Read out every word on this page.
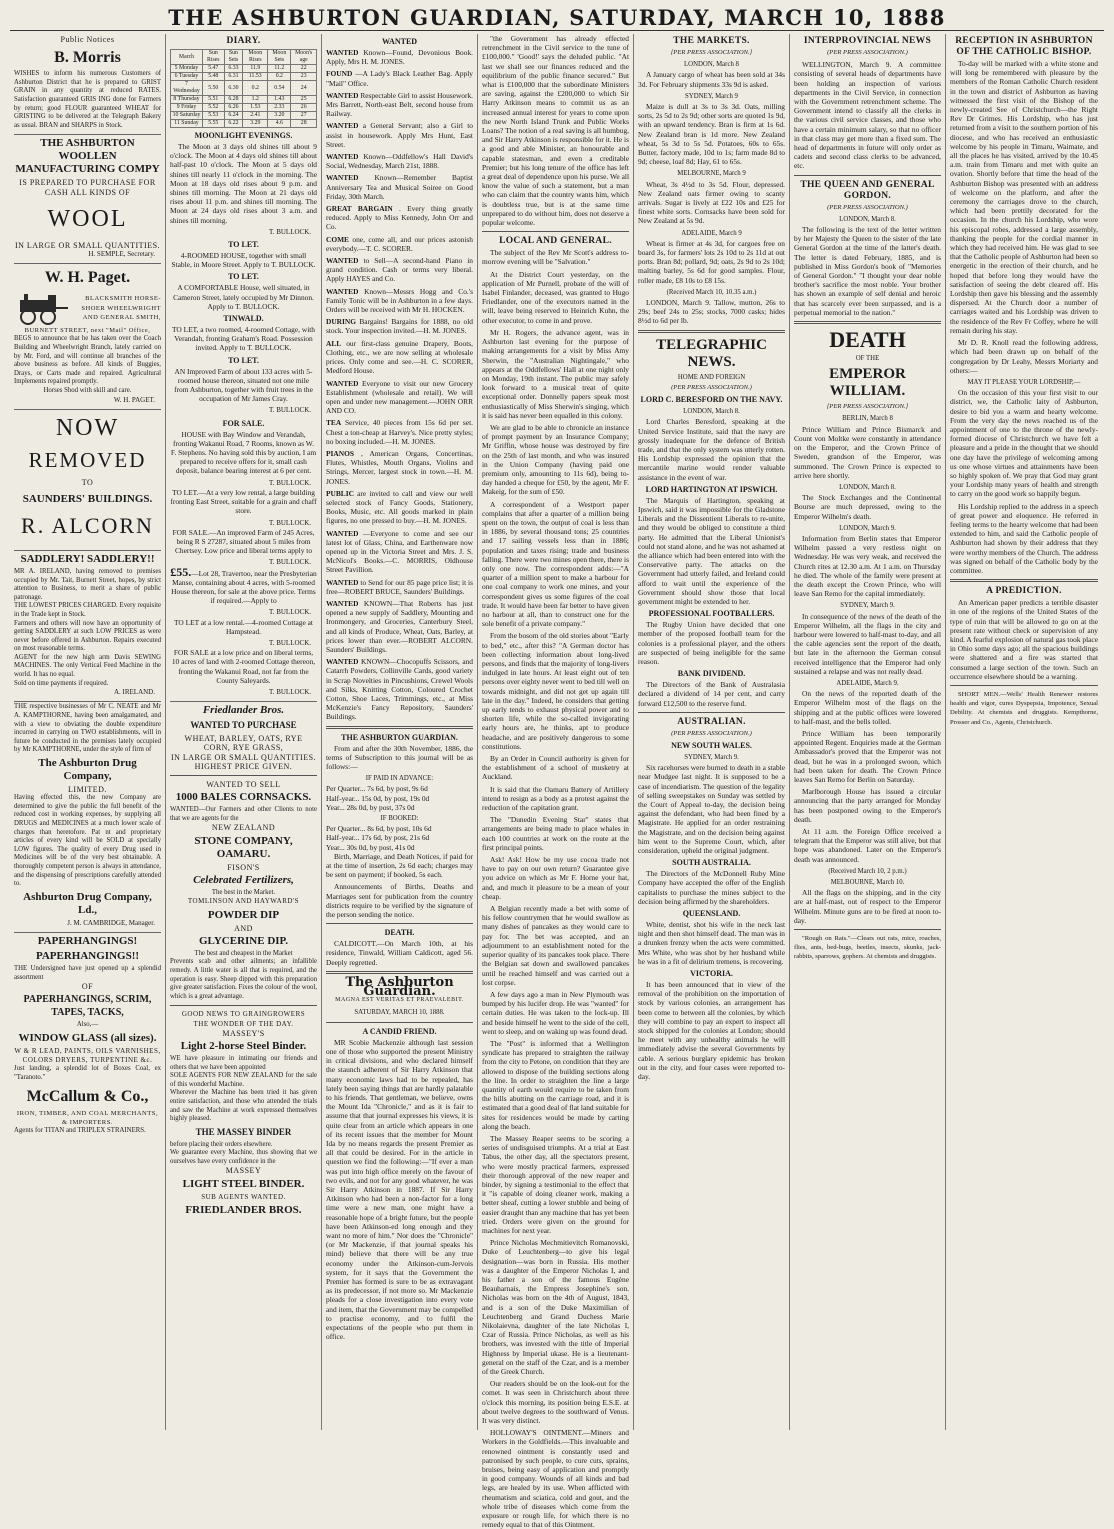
THE ASHBURTON GUARDIAN, SATURDAY, MARCH 10, 1888
Public Notices
B. Morris
WISHES to inform his numerous Customers of Ashburton District that he is prepared to GRIST GRAIN in any quantity at reduced RATES. Satisfaction guaranteed GRIS ING done for Farmers by return; good FLOUR guaranteed WHEAT for GRISTING to be delivered at the Telegraph Bakery as usual. BRAN and SHARPS in Stock.
THE ASHBURTON WOOLLEN MANUFACTURING COMPY
IS PREPARED TO PURCHASE FOR CASH ALL KINDS OF
WOOL
IN LARGE OR SMALL QUANTITIES.
H. SEMPLE, Secretary.
W. H. Paget.
BLACKSMITH HORSE-SHOER WHEELWRIGHT AND GENERAL SMITH,
BURNETT STREET, next "Mail" Office,
BEGS to announce that he has taken over the Coach Building and Wheelwright Branch, lately carried on by Mr. Ford, and will continue all branches of the above business as before. All kinds of Buggies, Drays, or Carts made and repaired. Agricultural Implements repaired promptly.
Horses Shod with skill and care.
W. H. PAGET.
NOW
REMOVED
TO
SAUNDERS' BUILDINGS.
R. ALCORN
SADDLERY! SADDLERY!!
MR A. IRELAND, having removed to premises occupied by Mr. Tait, Burnett Street, hopes, by strict attention to Business, to merit a share of public patronage.
THE LOWEST PRICES CHARGED. Every requisite in the Trade kept in Stock.
Farmers and others will now have an opportunity of getting SADDLERY at such LOW PRICES as were never before offered in Ashburton. Repairs executed on most reasonable terms.
AGENT for the new high arm Davis SEWING MACHINES. The only Vertical Feed Machine in the world. It has no equal.
Sold on time payments if required.
A. IRELAND.
THE respective businesses of Mr C. NEATE and Mr A. KAMPTHORNE, having been amalgamated, and with a view to obviating the double expenditure incurred in carrying on TWO establishments, will in future be conducted in the premises lately occupied by Mr KAMPTHORNE, under the style of firm of
The Ashburton Drug Company,
LIMITED.
Having effected this, the new Company are determined to give the public the full benefit of the reduced cost in working expenses, by supplying all DRUGS and MEDICINES at a much lower scale of charges than heretofore. Pat nt and proprietary articles of every kind will be SOLD at specially LOW figures. The quality of every Drug used in Medicines will be of the very best obtainable. A thoroughly competent person is always in attendance, and the dispensing of prescriptions carefully attended to.
Ashburton Drug Company, Ld.,
J. M. CAMBRIDGE, Manager.
PAPERHANGINGS!
PAPERHANGINGS!!
THE Undersigned have just opened up a splendid assortment
OF
PAPERHANGINGS, SCRIM, TAPES, TACKS,
Also,—
WINDOW GLASS (all sizes).
W & R LEAD, PAINTS, OILS VARNISHES, COLORS DRYERS, TURPENTINE &c.
Just landing, a splendid lot of Boxes Coal, ex "Taranoto."
McCallum & Co.,
IRON, TIMBER, AND COAL MERCHANTS, & IMPORTERS.
Agents for TITAN and TRIPLEX STRAINERS.
DIARY.
March	Sun Rises	Sun Sets	Moon Rises	Moon Sets	Moon's age
5 Monday	5.47	6.33	11.9	11.2	22
6 Tuesday	5.48	6.31	11.53	0.2	23
7 Wednesday	5.50	6.30	0.2	0.54	24
8 Thursday	5.51	6.28	1.2	1.43	25
9 Friday	5.52	6.26	1.53	2.33	26
10 Saturday	5.53	6.24	2.41	3.20	27
11 Sunday	5.55	6.22	3.29	4.6	28
MOONLIGHT EVENINGS.

The Moon at 3 days old shines till about 9 o'clock. The Moon at 4 days old shines till about half-past 10 o'clock. The Moon at 5 days old shines till nearly 11 o'clock in the morning. The Moon at 18 days old rises about 9 p.m. and shines till morning. The Moon at 21 days old rises about 11 p.m. and shines till morning. The Moon at 24 days old rises about 3 a.m. and shines till morning.

T. BULLOCK.
TO LET.

4-ROOMED HOUSE, together with small Stable, in Moore Street. Apply to T. BULLOCK.

TO LET.

A COMFORTABLE House, well situated, in Cameron Street, lately occupied by Mr Dinnon. Apply to T. BULLOCK.

TINWALD.

TO LET, a two roomed, 4-roomed Cottage, with Verandah, fronting Graham's Road. Possession invited. Apply to T. BULLOCK.

TO LET.

AN Improved Farm of about 133 acres with 5-roomed house thereon, situated not one mile from Ashburton, together with fruit trees in the occupation of Mr James Cray.

T. BULLOCK.
FOR SALE.

HOUSE with Bay Window and Verandah, fronting Wakanui Road, 7 Rooms, known as W. F. Stephens. No having sold this by auction, I am prepared to receive offers for it, small cash deposit, balance bearing interest at 6 per cent.

T. BULLOCK.

TO LET.—At a very low rental, a large building fronting East Street, suitable for a grain and chaff store.

T. BULLOCK.

FOR SALE.—An improved Farm of 245 Acres, being R S 27287, situated about 5 miles from Chertsey. Low price and liberal terms apply to

T. BULLOCK.

£55.—Lot 28, Travertoo, near the Presbyterian Manse, containing about 4 acres, with 5-roomed House thereon, for sale at the above price. Terms if required.—Apply to

T. BULLOCK.

TO LET at a low rental.—4-roomed Cottage at Hampstead.

T. BULLOCK.

FOR SALE at a low price and on liberal terms, 10 acres of land with 2-roomed Cottage thereon, fronting the Wakanui Road, not far from the County Saleyards.

T. BULLOCK.
Friedlander Bros.
WANTED TO PURCHASE
WHEAT, BARLEY, OATS, RYE CORN, RYE GRASS,
IN LARGE OR SMALL QUANTITIES.
HIGHEST PRICE GIVEN.
WANTED TO SELL
1000 BALES CORNSACKS.
WANTED—Our Farmers and other Clients to note that we are agents for the
NEW ZEALAND
STONE COMPANY, OAMARU.
FISON'S
Celebrated Fertilizers,
The best in the Market.
TOMLINSON AND HAYWARD'S
POWDER DIP
AND
GLYCERINE DIP.
The best and cheapest in the Market
Prevents scab and other ailments; an infallible remedy. A little water is all that is required, and the operation is easy. Sheep dipped with this preparation give greater satisfaction. Fixes the colour of the wool, which is a great advantage.
GOOD NEWS TO GRAINGROWERS
THE WONDER OF THE DAY.
MASSEY'S
Light 2-horse Steel Binder.
WE have pleasure in intimating our friends and others that we have been appointed
SOLE AGENTS FOR NEW ZEALAND for the sale of this wonderful Machine.
Wherever the Machine has been tried it has given entire satisfaction, and those who attended the trials and saw the Machine at work expressed themselves highly pleased.
THE MASSEY BINDER
before placing their orders elsewhere.
We guarantee every Machine, thus showing that we ourselves have every confidence in the
MASSEY
LIGHT STEEL BINDER.
SUB AGENTS WANTED.
FRIEDLANDER BROS.
WANTED

WANTED Known—Found, Devonious Book. Apply, Mrs H. M. JONES.

FOUND —A Lady's Black Leather Bag. Apply "Mail" Office.

WANTED Respectable Girl to assist Housework. Mrs Barrett, North-east Belt, second house from Railway.

WANTED a General Servant; also a Girl to assist in housework. Apply Mrs Hunt, East Street.

WANTED Known—Oddfellow's Hall David's Social, Wednesday, March 21st, 1888.

WANTED Known—Remember Baptist Anniversary Tea and Musical Soiree on Good Friday, 30th March.

GREAT BARGAIN . Every thing greatly reduced. Apply to Miss Kennedy, John Orr and Co.

COME one, come all, and our prices astonish everybody.—T. C. SCORER.

WANTED to Sell—A second-hand Piano in grand condition. Cash or terms very liberal. Apply HAYES and Co.

WANTED Known—Messrs Hogg and Co.'s Family Tonic will be in Ashburton in a few days. Orders will be received with Mr H. HOCKEN.

DURING Bargains! Bargains for 1888, no old stock. Your inspection invited.—H. M. JONES.

ALL our first-class genuine Drapery, Boots, Clothing, etc., we are now selling at wholesale prices. Only come and see.—H. C. SCORER, Medford House.

WANTED Everyone to visit our new Grocery Establishment (wholesale and retail). We will open and under new management.—JOHN ORR AND CO.

TEA Service, 40 pieces from 15s 6d per set. Chest a ton-cheap at Harvey's. Nice pretty styles; no boxing included.—H. M. JONES.

PIANOS , American Organs, Concertinas, Flutes, Whistles, Mouth Organs, Violins and Strings, Mercer, largest stock in town.—H. M. JONES.

PUBLIC are invited to call and view our well selected stock of Fancy Goods, Stationery, Books, Music, etc. All goods marked in plain figures, no one pressed to buy.—H. M. JONES.

WANTED —Everyone to come and see our latest lot of Glass, China, and Earthenware now opened up in the Victoria Street and Mrs. J. S. McNicol's Books.—C. MORRIS, Oldhouse Street Pavillion.

WANTED to Send for our 85 page price list; it is free—ROBERT BRUCE, Saunders' Buildings.

WANTED KNOWN—That Roberts has just opened a new supply of Saddlery, Mounting and Ironmongery, and Groceries, Canterbury Steel, and all kinds of Produce, Wheat, Oats, Barley, at prices lower than ever.—ROBERT ALCORN. Saunders' Buildings.

WANTED KNOWN—Chocopuffs Scissors, and Catarrh Powders, Collinville Cards, good variety in Scrap Novelties in Pincushions, Crewel Wools and Silks, Knitting Cotton, Coloured Crochet Cotton, Shoe Laces, Trimmings, etc., at Miss McKenzie's Fancy Repository, Saunders' Buildings.

THE ASHBURTON GUARDIAN.

From and after the 30th November, 1886, the terms of Subscription to this journal will be as follows:—

IF PAID IN ADVANCE:
Per Quarter... 7s 6d, by post, 9s 6d
Half-year... 15s 0d, by post, 19s 0d
Year... 28s 0d, by post, 37s 0d
IF BOOKED:
Per Quarter... 8s 6d, by post, 10s 6d
Half-year... 17s 6d, by post, 21s 6d
Year... 30s 0d, by post, 41s 0d

Birth, Marriage, and Death Notices, if paid for at the time of insertion, 2s 6d each; charges may be sent on payment; if booked, 5s each.

Announcements of Births, Deaths and Marriages sent for publication from the country districts require to be verified by the signature of the person sending the notice.

DEATH.

CALDICOTT.—On March 10th, at his residence, Tinwald, William Caldicott, aged 56. Deeply regretted.

The Ashburton Guardian.
MAGNA EST VERITAS ET PRAEVALEBIT.
SATURDAY, MARCH 10, 1888.
A CANDID FRIEND.

MR Scobie Mackenzie although last session one of those who supported the present Ministry in critical divisions, and who declared himself the staunch adherent of Sir Harry Atkinson that many economic laws had to be repealed, has lately been saying things that are hardly palatable to his friends. That gentleman, we believe, owns the Mount Ida "Chronicle," and as it is fair to assume that that journal expresses his views, it is quite clear from an article which appears in one of its recent issues that the member for Mount Ida by no means regards the present Premier as all that could be desired. For in the article in question we find the following:—"If ever a man was put into high office merely on the favour of two evils, and not for any good whatever, he was Sir Harry Atkinson in 1887. If Sir Harry Atkinson who had been a non-factor for a long time were a new man, one might have a reasonable hope of a bright future, but the people have been Atkinson-ed long enough and they want no more of him." Nor does the "Chronicle" (or Mr Mackenzie, if that journal speaks his mind) believe that there will be any true economy under the Atkinson-cum-Jervois system, for it says that the Government the Premier has formed is sure to be as extravagant as its predecessor, if not more so. Mr Mackenzie pleads for a close investigation into every vote and item, that the Government may be compelled to practise economy, and to fulfil the expectations of the people who put them in office.

"the Government has already effected retrenchment in the Civil service to the tune of £100,000." 'Good!' says the deluded public. "At last we shall see our finances reduced and the equilibrium of the public finance secured." But what is £100,000 that the subordinate Ministers are saving, against the £200,000 to which Sir Harry Atkinson means to commit us as an increased annual interest for years to come upon the new North Island Trunk and Public Works Loans? The notion of a real saving is all humbug, and Sir Harry Atkinson is responsible for it. He is a good and able Minister, an honourable and capable statesman, and even a creditable Premier; but his long tenure of the office has left a great deal of dependence upon his purse. We all know the value of such a statement, but a man who can claim that the country wants him, which is doubtless true, but is at the same time unprepared to do without him, does not deserve a popular welcome.

LOCAL AND GENERAL.

The subject of the Rev Mr Scott's address to-morrow evening will be "Salvation."

At the District Court yesterday, on the application of Mr Purnell, probate of the will of Isabel Finlander, deceased, was granted to Hugo Friedlander, one of the executors named in the will, leave being reserved to Heinrich Kuhn, the other executor, to come in and prove.

Mr H. Rogers, the advance agent, was in Ashburton last evening for the purpose of making arrangements for a visit by Miss Amy Sherwin, the "Australian Nightingale," who appears at the Oddfellows' Hall at one night only on Monday, 19th instant. The public may safely look forward to a musical treat of quite exceptional order. Donnelly papers speak most enthusiastically of Miss Sherwin's singing, which it is said has never been equalled in this colony.

We are glad to be able to chronicle an instance of prompt payment by an Insurance Company; Mr Griffin, whose house was destroyed by fire on the 25th of last month, and who was insured in the Union Company (having paid one premium only, amounting to 11s 6d), being to-day handed a cheque for £50, by the agent, Mr F. Makeig, for the sum of £50.

A correspondent of a Westport paper complains that after a quarter of a million being spent on the town, the output of coal is less than in 1886, by several thousand tons; 25 countries and 17 sailing vessels less than in 1886; population and taxes rising; trade and business falling. There were two mines open there, there is only one now. The correspondent adds:—"A quarter of a million spent to make a harbour for one coal company to work one mines, and your correspondent gives us some figures of the coal trade. It would have been far better to have given no harbour at all, than to construct one for the sole benefit of a private company."

From the bosom of the old stories about "Early to bed," etc., after this? "A German doctor has been collecting information about long-lived persons, and finds that the majority of long-livers indulged in late hours. At least eight out of ten persons over eighty never went to bed till well on towards midnight, and did not get up again till late in the day." Indeed, he considers that getting up early tends to exhaust physical power and to shorten life, while the so-called invigorating early hours are, he thinks, apt to produce headache, and are positively dangerous to some constitutions.

By an Order in Council authority is given for the establishment of a school of musketry at Auckland.

It is said that the Oamaru Battery of Artillery intend to resign as a body as a protest against the reduction of the capitation grant.

The "Dunedin Evening Star" states that arrangements are being made to place whales in each 100 countries at work on the route at the first principal points.

Ask! Ask! How be my use cocoa trade not have to pay on our own return? Guarantee give you advice on which as Mr F. Horne your hat, and, and much it pleasure to be a mean of your cheap.

A Belgian recently made a bet with some of his fellow countrymen that he would swallow as many dishes of pancakes as they would care to pay for. The bet was accepted, and an adjournment to an establishment noted for the superior quality of its pancakes took place. There the Belgian sat down and swallowed pancakes until he reached himself and was carried out a lost corpse.

A few days ago a man in New Plymouth was bumped by his lucifer drop. He was "wanted" for certain duties. He was taken to the lock-up. Ill and beside himself he went to the side of the cell, went to sleep, and on waking up was found dead.

The "Post" is informed that a Wellington syndicate has prepared to straighten the railway from the city to Petone, on condition that they are allowed to dispose of the building sections along the line. In order to straighten the line a large quantity of earth would require to be taken from the hills abutting on the carriage road, and it is estimated that a good deal of flat land suitable for sites for residences would be made by carting along the beach.

The Massey Reaper seems to be scoring a series of undisguised triumphs. At a trial at East Tabus, the other day, all the spectators present, who were mostly practical farmers, expressed their thorough approval of the new reaper and binder, by signing a testimonial to the effect that it "is capable of doing cleaner work, making a better sheaf, cutting a lower stubble and being of easier draught than any machine that has yet been tried. Orders were given on the ground for machines for next year.

Prince Nicholas Mechmitievitch Romanovski, Duke of Leuchtenberg—to give his legal designation—was born in Russia. His mother was a daughter of the Emperor Nicholas I, and his father a son of the famous Eugène Beauharnais, the Empress Josephine's son. Nicholas was born on the 4th of August, 1843, and is a son of the Duke Maximilian of Leuchtenberg and Grand Duchess Marie Nikolaievna, daughter of the late Nicholas I, Czar of Russia. Prince Nicholas, as well as his brothers, was invested with the title of Imperial Highness by Imperial ukase. He is a lieutenant-general on the staff of the Czar, and is a member of the Greek Church.

Our readers should be on the look-out for the comet. It was seen in Christchurch about three o'clock this morning, its position being E.S.E. at about twelve degrees to the southward of Venus. It was very distinct.

HOLLOWAY'S OINTMENT.—Miners and Workers in the Goldfields.—This invaluable and renowned ointment is constantly used and patronised by such people, to cure cuts, sprains, bruises, being easy of application and promptly in good company. Wounds of all kinds and bad legs, are healed by its use. When afflicted with rheumatism and sciatica, cold and gout, and the whole tribe of diseases which come from the exposure or rough life, for which there is no remedy equal to that of this Ointment.

THE MARKETS.
[PER PRESS ASSOCIATION.]
LONDON, March 8

A January cargo of wheat has been sold at 34s 3d. For February shipments 33s 9d is asked.

SYDNEY, March 9

Maize is dull at 3s to 3s 3d. Oats, milling sorts, 2s 5d to 2s 9d; other sorts are quoted 1s 9d, with an upward tendency. Bran is firm at 1s 6d. New Zealand bran is 1d more. New Zealand wheat, 5s 3d to 5s 5d. Potatoes, 60s to 65s. Butter, factory made, 10d to 1s; farm made 8d to 9d; cheese, loaf 8d; Hay, 61 to 65s.

MELBOURNE, March 9

Wheat, 3s 4½d to 3s 5d. Flour, depressed. New Zealand oats firmer owing to scanty arrivals. Sugar is lively at £22 10s and £25 for finest white sorts. Cornsacks have been sold for New Zealand at 5s 9d.

ADELAIDE, March 9

Wheat is firmer at 4s 3d, for cargoes free on board 3s, for farmers' lots 2s 10d to 2s 11d at out ports. Bran 8d; pollard, 9d; oats, 2s 9d to 2s 10d; malting barley, 5s 6d for good samples. Flour, roller made, £8 10s to £8 15s.

(Received March 10, 10.35 a.m.)

LONDON, March 9. Tallow, mutton, 26s to 29s; beef 24s to 25s; stocks, 7000 casks; hides 8½d to 6d per lb.

TELEGRAPHIC NEWS.
HOME AND FOREIGN
(PER PRESS ASSOCIATION.)
LORD C. BERESFORD ON THE NAVY.
LONDON, March 8.

Lord Charles Beresford, speaking at the United Service Institute, said that the navy are grossly inadequate for the defence of British trade, and that the only system was utterly rotten. His Lordship expressed the opinion that the mercantile marine would render valuable assistance in the event of war.

LORD HARTINGTON AT IPSWICH.

The Marquis of Hartington, speaking at Ipswich, said it was impossible for the Gladstone Liberals and the Dissentient Liberals to re-unite, and they would be obliged to constitute a third party. He admitted that the Liberal Unionist's could not stand alone, and he was not ashamed at the alliance which had been entered into with the Conservative party. The attacks on the Government had utterly failed, and Ireland could afford to wait until the experience of the Government should show those that local government might be extended to her.

PROFESSIONAL FOOTBALLERS.

The Rugby Union have decided that one member of the proposed football team for the colonies is a professional player, and the others are suspected of being ineligible for the same reason.

BANK DIVIDEND.

The Directors of the Bank of Australasia declared a dividend of 14 per cent, and carry forward £12,500 to the reserve fund.

AUSTRALIAN.
(PER PRESS ASSOCIATION.)
NEW SOUTH WALES.
SYDNEY, March 9.

Six racehorses were burned to death in a stable near Mudgee last night. It is supposed to be a case of incendiarism. The question of the legality of selling sweepstakes on Sunday was settled by the Court of Appeal to-day, the decision being against the defendant, who had been fined by a Magistrate. He applied for an order restraining the Magistrate, and on the decision being against him went to the Supreme Court, which, after consideration, upheld the original judgment.

SOUTH AUSTRALIA.

The Directors of the McDonnell Ruby Mine Company have accepted the offer of the English capitalists to purchase the mines subject to the decision being affirmed by the shareholders.

QUEENSLAND.

White, dentist, shot his wife in the neck last night and then shot himself dead. The man was in a drunken frenzy when the acts were committed. Mrs White, who was shot by her husband while he was in a fit of delirium tremens, is recovering.

VICTORIA.

It has been announced that in view of the removal of the prohibition on the importation of stock by various colonies, an arrangement has been come to between all the colonies, by which they will combine to pay an expert to inspect all stock shipped for the colonies at London; should he meet with any unhealthy animals he will immediately advise the several Governments by cable. A serious burglary epidemic has broken out in the city, and four cases were reported to-day.

INTERPROVINCIAL NEWS
(PER PRESS ASSOCIATION.)

WELLINGTON, March 9. A committee consisting of several heads of departments have been holding an inspection of various departments in the Civil Service, in connection with the Government retrenchment scheme. The Government intend to classify all the clerks in the various civil service classes, and those who have a certain minimum salary, so that no officer in that class may get more than a fixed sum. The head of departments in future will only order as cadets and second class clerks to be advanced, etc.

THE QUEEN AND GENERAL GORDON.
(PER PRESS ASSOCIATION.)
LONDON, March 8.

The following is the text of the letter written by her Majesty the Queen to the sister of the late General Gordon at the time of the latter's death. The letter is dated February, 1885, and is published in Miss Gordon's book of "Memories of General Gordon." "I thought your dear noble brother's sacrifice the most noble. Your brother has shown an example of self denial and heroic that has scarcely ever been surpassed, and is a perpetual memorial to the nation."

DEATH
OF THE
EMPEROR WILLIAM.
[PER PRESS ASSOCIATION.]
BERLIN, March 8

Prince William and Prince Bismarck and Count von Moltke were constantly in attendance on the Emperor, and the Crown Prince of Sweden, grandson of the Emperor, was summoned. The Crown Prince is expected to arrive here shortly.

LONDON, March 8.

The Stock Exchanges and the Continental Bourse are much depressed, owing to the Emperor Wilhelm's death.

LONDON, March 9.

Information from Berlin states that Emperor Wilhelm passed a very restless night on Wednesday. He was very weak, and received the Church rites at 12.30 a.m. At 1 a.m. on Thursday he died. The whole of the family were present at the death except the Crown Prince, who will leave San Remo for the capital immediately.

SYDNEY, March 9.

In consequence of the news of the death of the Emperor Wilhelm, all the flags in the city and harbour were lowered to half-mast to-day, and all the cable agencies sent the report of the death, but late in the afternoon the German consul received intelligence that the Emperor had only sustained a relapse and was not really dead.

ADELAIDE, March 9.

On the news of the reported death of the Emperor Wilhelm most of the flags on the shipping and at the public offices were lowered to half-mast, and the bells tolled.

Prince William has been temporarily appointed Regent. Enquiries made at the German Ambassador's proved that the Emperor was not dead, but he was in a prolonged swoon, which had been taken for death. The Crown Prince leaves San Remo for Berlin on Saturday.

Marlborough House has issued a circular announcing that the party arranged for Monday has been postponed owing to the Emperor's death.

At 11 a.m. the Foreign Office received a telegram that the Emperor was still alive, but that hope was abandoned. Later on the Emperor's death was announced.

(Received March 10, 2 p.m.)
MELBOURNE, March 10.

All the flags on the shipping, and in the city are at half-mast, out of respect to the Emperor Wilhelm. Minute guns are to be fired at noon to-day.

"Rough on Rats."—Clears out rats, mice, roaches, flies, ants, bed-bugs, beetles, insects, skunks, jack-rabbits, sparrows, gophers. At chemists and druggists.

RECEPTION IN ASHBURTON OF THE CATHOLIC BISHOP.

To-day will be marked with a white stone and will long be remembered with pleasure by the members of the Roman Catholic Church resident in the town and district of Ashburton as having witnessed the first visit of the Bishop of the newly-created See of Christchurch—the Right Rev Dr Grimes. His Lordship, who has just returned from a visit to the southern portion of his diocese, and who has received an enthusiastic welcome by his people in Timaru, Waimate, and all the places he has visited, arrived by the 10.45 a.m. train from Timaru and met with quite an ovation. Shortly before that time the head of the Ashburton Bishop was presented with an address of welcome on the platform, and after the ceremony the carriages drove to the church, which had been prettily decorated for the occasion. In the church his Lordship, who wore his episcopal robes, addressed a large assembly, thanking the people for the cordial manner in which they had received him. He was glad to see that the Catholic people of Ashburton had been so energetic in the erection of their church, and he hoped that before long they would have the satisfaction of seeing the debt cleared off. His Lordship then gave his blessing and the assembly dispersed. At the Church door a number of carriages waited and his Lordship was driven to the residence of the Rev Fr Coffey, where he will remain during his stay.

Mr D. R. Knoll read the following address, which had been drawn up on behalf of the congregation by Dr Leahy, Messrs Moriarty and others:—

MAY IT PLEASE YOUR LORDSHIP,—

On the occasion of this your first visit to our district, we, the Catholic laity of Ashburton, desire to bid you a warm and hearty welcome. From the very day the news reached us of the appointment of one to the throne of the newly-formed diocese of Christchurch we have felt a pleasure and a pride in the thought that we should one day have the privilege of welcoming among us one whose virtues and attainments have been so highly spoken of. We pray that God may grant your Lordship many years of health and strength to carry on the good work so happily begun.

His Lordship replied to the address in a speech of great power and eloquence. He referred in feeling terms to the hearty welcome that had been extended to him, and said the Catholic people of Ashburton had shown by their address that they were worthy members of the Church. The address was signed on behalf of the Catholic body by the committee.

A PREDICTION.

An American paper predicts a terrible disaster in one of the regions of the United States of the type of ruin that will be allowed to go on at the present rate without check or supervision of any kind. A fearful explosion of natural gas took place in Ohio some days ago; all the spacious buildings were shattered and a fire was started that consumed a large section of the town. Such an occurrence elsewhere should be a warning.

SHORT MEN.—Wells' Health Renewer restores health and vigor, cures Dyspepsia, Impotence, Sexual Debility. At chemists and druggists. Kempthorne, Prosser and Co., Agents, Christchurch.
